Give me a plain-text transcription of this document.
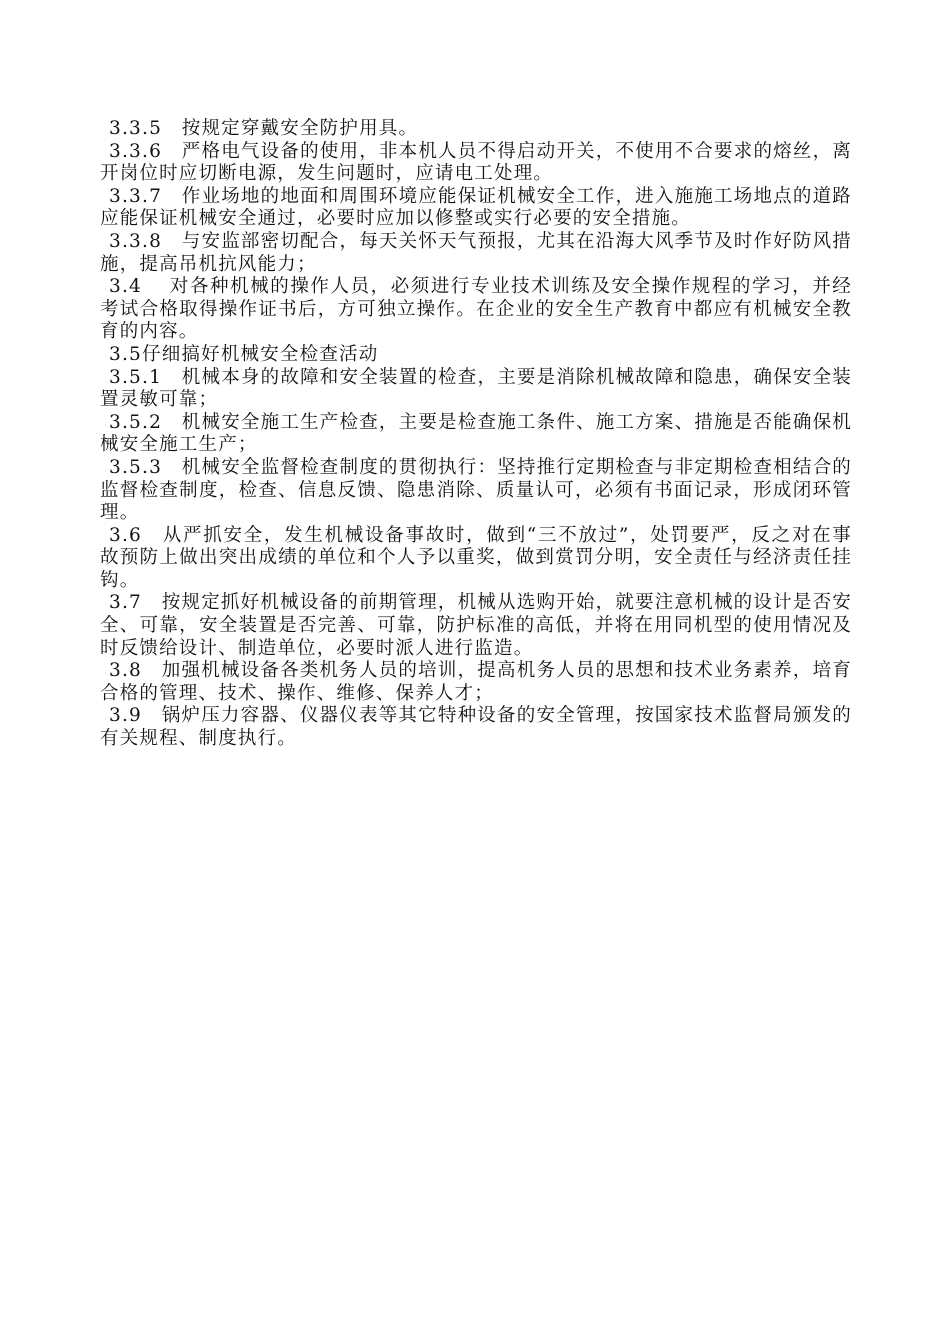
3.3.5　按规定穿戴安全防护用具。

3.3.6　严格电气设备的使用，非本机人员不得启动开关，不使用不合要求的熔丝，离开岗位时应切断电源，发生问题时，应请电工处理。

3.3.7　作业场地的地面和周围环境应能保证机械安全工作，进入施施工场地点的道路应能保证机械安全通过，必要时应加以修整或实行必要的安全措施。

3.3.8　与安监部密切配合，每天关怀天气预报，尤其在沿海大风季节及时作好防风措施，提高吊机抗风能力；

3.4　 对各种机械的操作人员，必须进行专业技术训练及安全操作规程的学习，并经考试合格取得操作证书后，方可独立操作。在企业的安全生产教育中都应有机械安全教育的内容。

3.5仔细搞好机械安全检查活动

3.5.1　机械本身的故障和安全装置的检查，主要是消除机械故障和隐患，确保安全装置灵敏可靠；

3.5.2　机械安全施工生产检查，主要是检查施工条件、施工方案、措施是否能确保机械安全施工生产；

3.5.3　机械安全监督检查制度的贯彻执行：坚持推行定期检查与非定期检查相结合的监督检查制度，检查、信息反馈、隐患消除、质量认可，必须有书面记录，形成闭环管理。

3.6　从严抓安全，发生机械设备事故时，做到“三不放过”，处罚要严，反之对在事故预防上做出突出成绩的单位和个人予以重奖，做到赏罚分明，安全责任与经济责任挂钩。

3.7　按规定抓好机械设备的前期管理，机械从选购开始，就要注意机械的设计是否安全、可靠，安全装置是否完善、可靠，防护标准的高低，并将在用同机型的使用情况及时反馈给设计、制造单位，必要时派人进行监造。

3.8　加强机械设备各类机务人员的培训，提高机务人员的思想和技术业务素养，培育合格的管理、技术、操作、维修、保养人才；

3.9　锅炉压力容器、仪器仪表等其它特种设备的安全管理，按国家技术监督局颁发的有关规程、制度执行。
